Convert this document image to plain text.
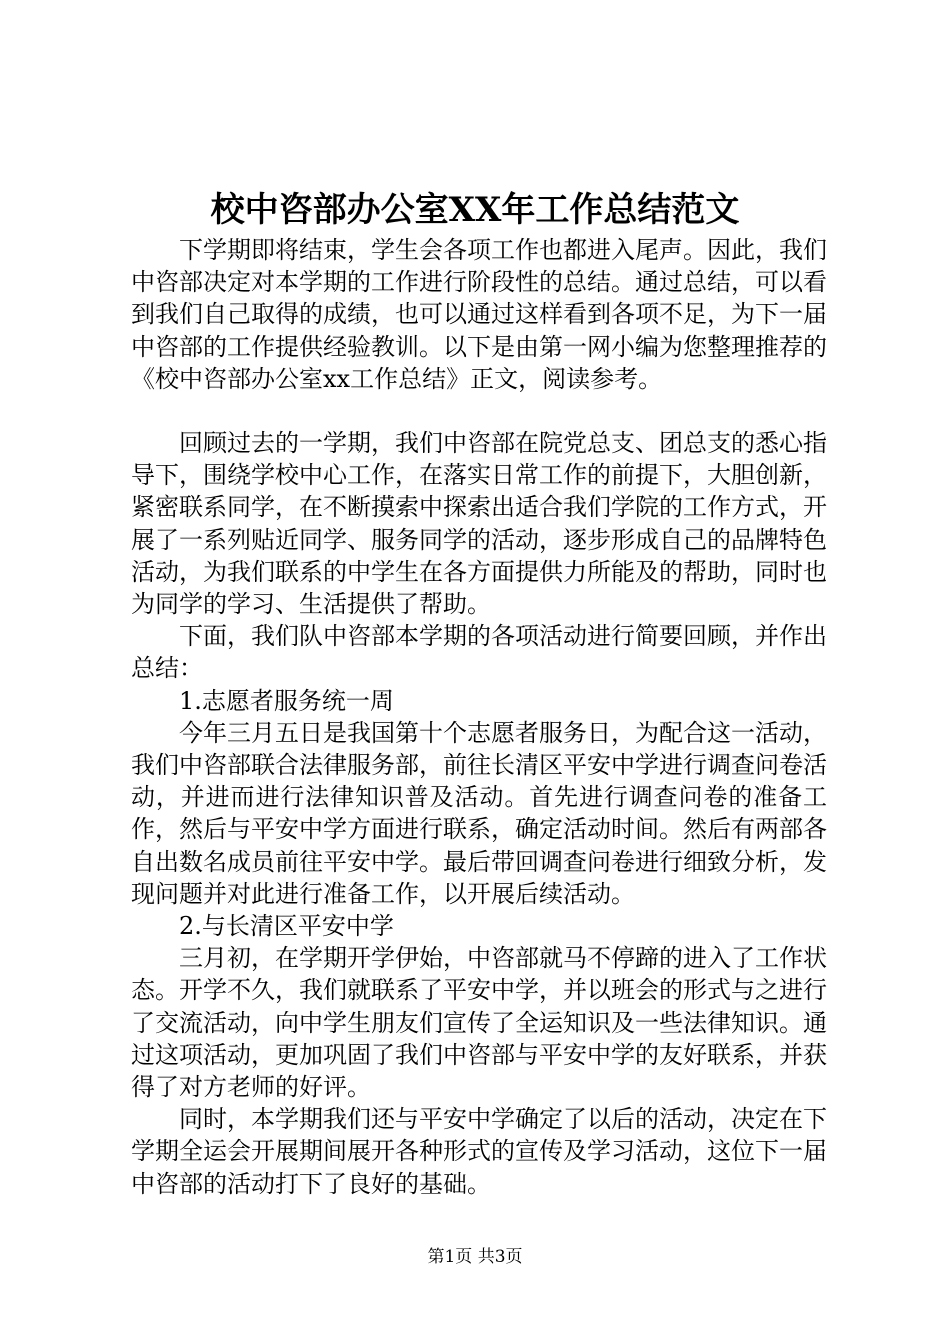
校中咨部办公室XX年工作总结范文

下学期即将结束，学生会各项工作也都进入尾声。因此，我们中咨部决定对本学期的工作进行阶段性的总结。通过总结，可以看到我们自己取得的成绩，也可以通过这样看到各项不足，为下一届中咨部的工作提供经验教训。以下是由第一网小编为您整理推荐的《校中咨部办公室xx工作总结》正文，阅读参考。

回顾过去的一学期，我们中咨部在院党总支、团总支的悉心指导下，围绕学校中心工作，在落实日常工作的前提下，大胆创新，紧密联系同学，在不断摸索中探索出适合我们学院的工作方式，开展了一系列贴近同学、服务同学的活动，逐步形成自己的品牌特色活动，为我们联系的中学生在各方面提供力所能及的帮助，同时也为同学的学习、生活提供了帮助。

下面，我们队中咨部本学期的各项活动进行简要回顾，并作出总结：

1.志愿者服务统一周

今年三月五日是我国第十个志愿者服务日，为配合这一活动，我们中咨部联合法律服务部，前往长清区平安中学进行调查问卷活动，并进而进行法律知识普及活动。首先进行调查问卷的准备工作，然后与平安中学方面进行联系，确定活动时间。然后有两部各自出数名成员前往平安中学。最后带回调查问卷进行细致分析，发现问题并对此进行准备工作，以开展后续活动。

2.与长清区平安中学

三月初，在学期开学伊始，中咨部就马不停蹄的进入了工作状态。开学不久，我们就联系了平安中学，并以班会的形式与之进行了交流活动，向中学生朋友们宣传了全运知识及一些法律知识。通过这项活动，更加巩固了我们中咨部与平安中学的友好联系，并获得了对方老师的好评。

同时，本学期我们还与平安中学确定了以后的活动，决定在下学期全运会开展期间展开各种形式的宣传及学习活动，这位下一届中咨部的活动打下了良好的基础。

第1页 共3页
